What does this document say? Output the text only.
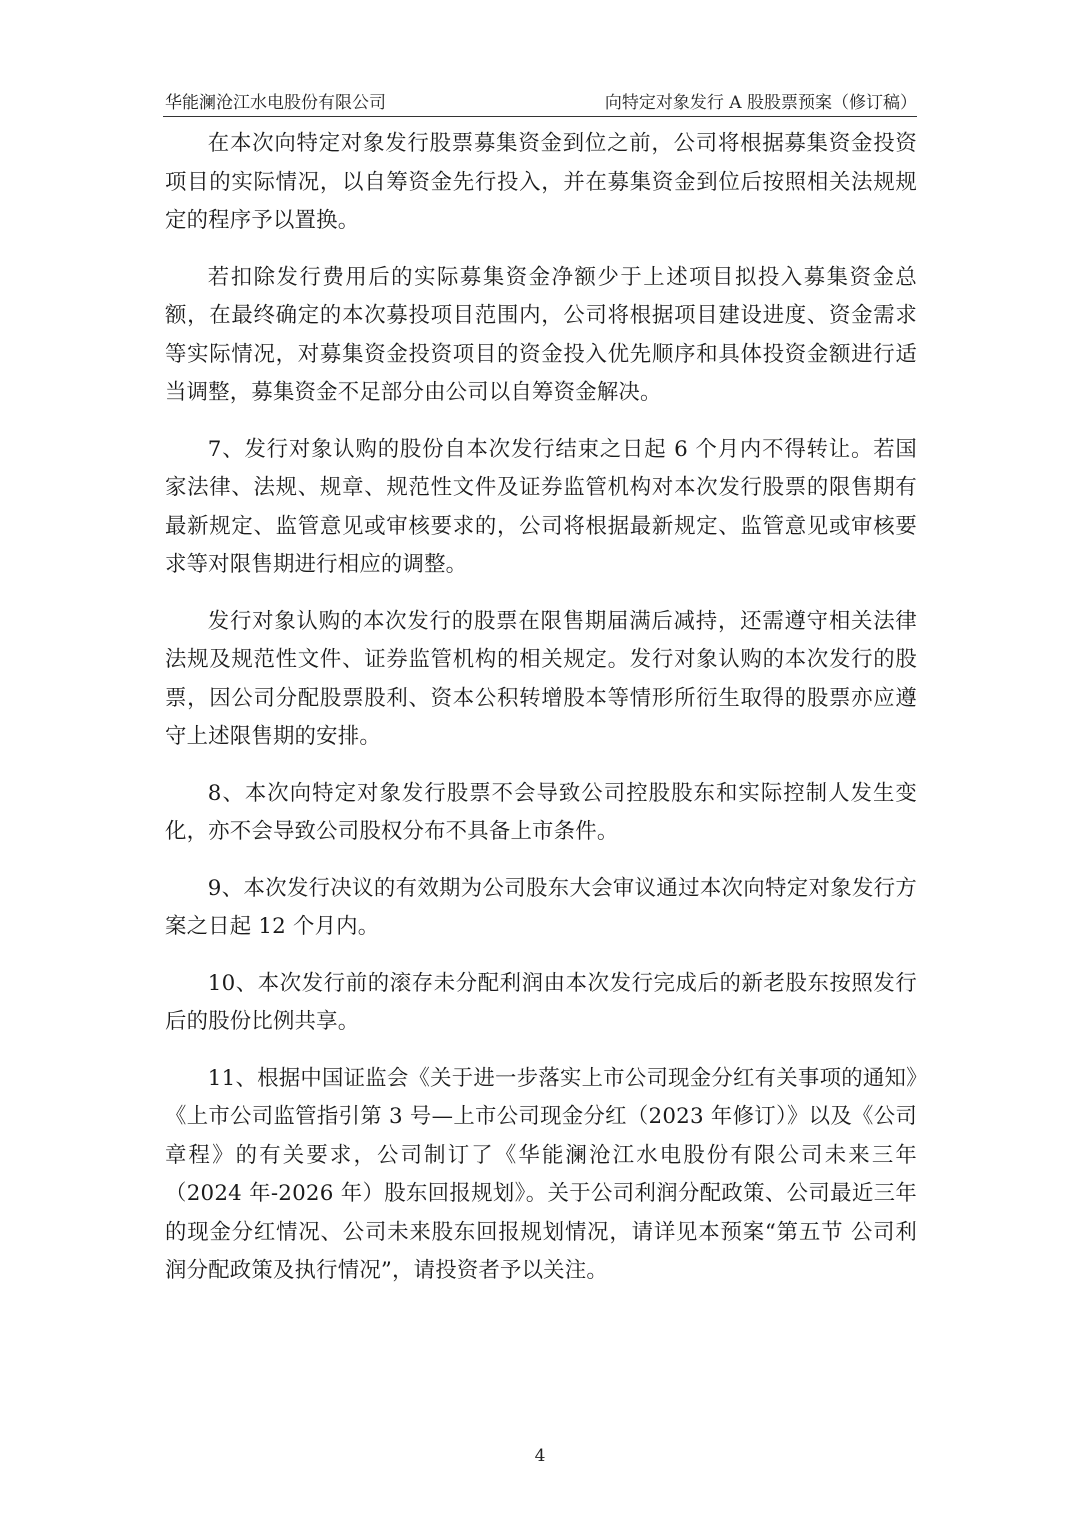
华能澜沧江水电股份有限公司	向特定对象发行 A 股股票预案（修订稿）

在本次向特定对象发行股票募集资金到位之前，公司将根据募集资金投资项目的实际情况，以自筹资金先行投入，并在募集资金到位后按照相关法规规定的程序予以置换。

若扣除发行费用后的实际募集资金净额少于上述项目拟投入募集资金总额，在最终确定的本次募投项目范围内，公司将根据项目建设进度、资金需求等实际情况，对募集资金投资项目的资金投入优先顺序和具体投资金额进行适当调整，募集资金不足部分由公司以自筹资金解决。

7、发行对象认购的股份自本次发行结束之日起 6 个月内不得转让。若国家法律、法规、规章、规范性文件及证券监管机构对本次发行股票的限售期有最新规定、监管意见或审核要求的，公司将根据最新规定、监管意见或审核要求等对限售期进行相应的调整。

发行对象认购的本次发行的股票在限售期届满后减持，还需遵守相关法律法规及规范性文件、证券监管机构的相关规定。发行对象认购的本次发行的股票，因公司分配股票股利、资本公积转增股本等情形所衍生取得的股票亦应遵守上述限售期的安排。

8、本次向特定对象发行股票不会导致公司控股股东和实际控制人发生变化，亦不会导致公司股权分布不具备上市条件。

9、本次发行决议的有效期为公司股东大会审议通过本次向特定对象发行方案之日起 12 个月内。

10、本次发行前的滚存未分配利润由本次发行完成后的新老股东按照发行后的股份比例共享。

11、根据中国证监会《关于进一步落实上市公司现金分红有关事项的通知》《上市公司监管指引第 3 号—上市公司现金分红（2023 年修订）》以及《公司章程》的有关要求，公司制订了《华能澜沧江水电股份有限公司未来三年（2024 年-2026 年）股东回报规划》。关于公司利润分配政策、公司最近三年的现金分红情况、公司未来股东回报规划情况，请详见本预案“第五节 公司利润分配政策及执行情况”，请投资者予以关注。

4
